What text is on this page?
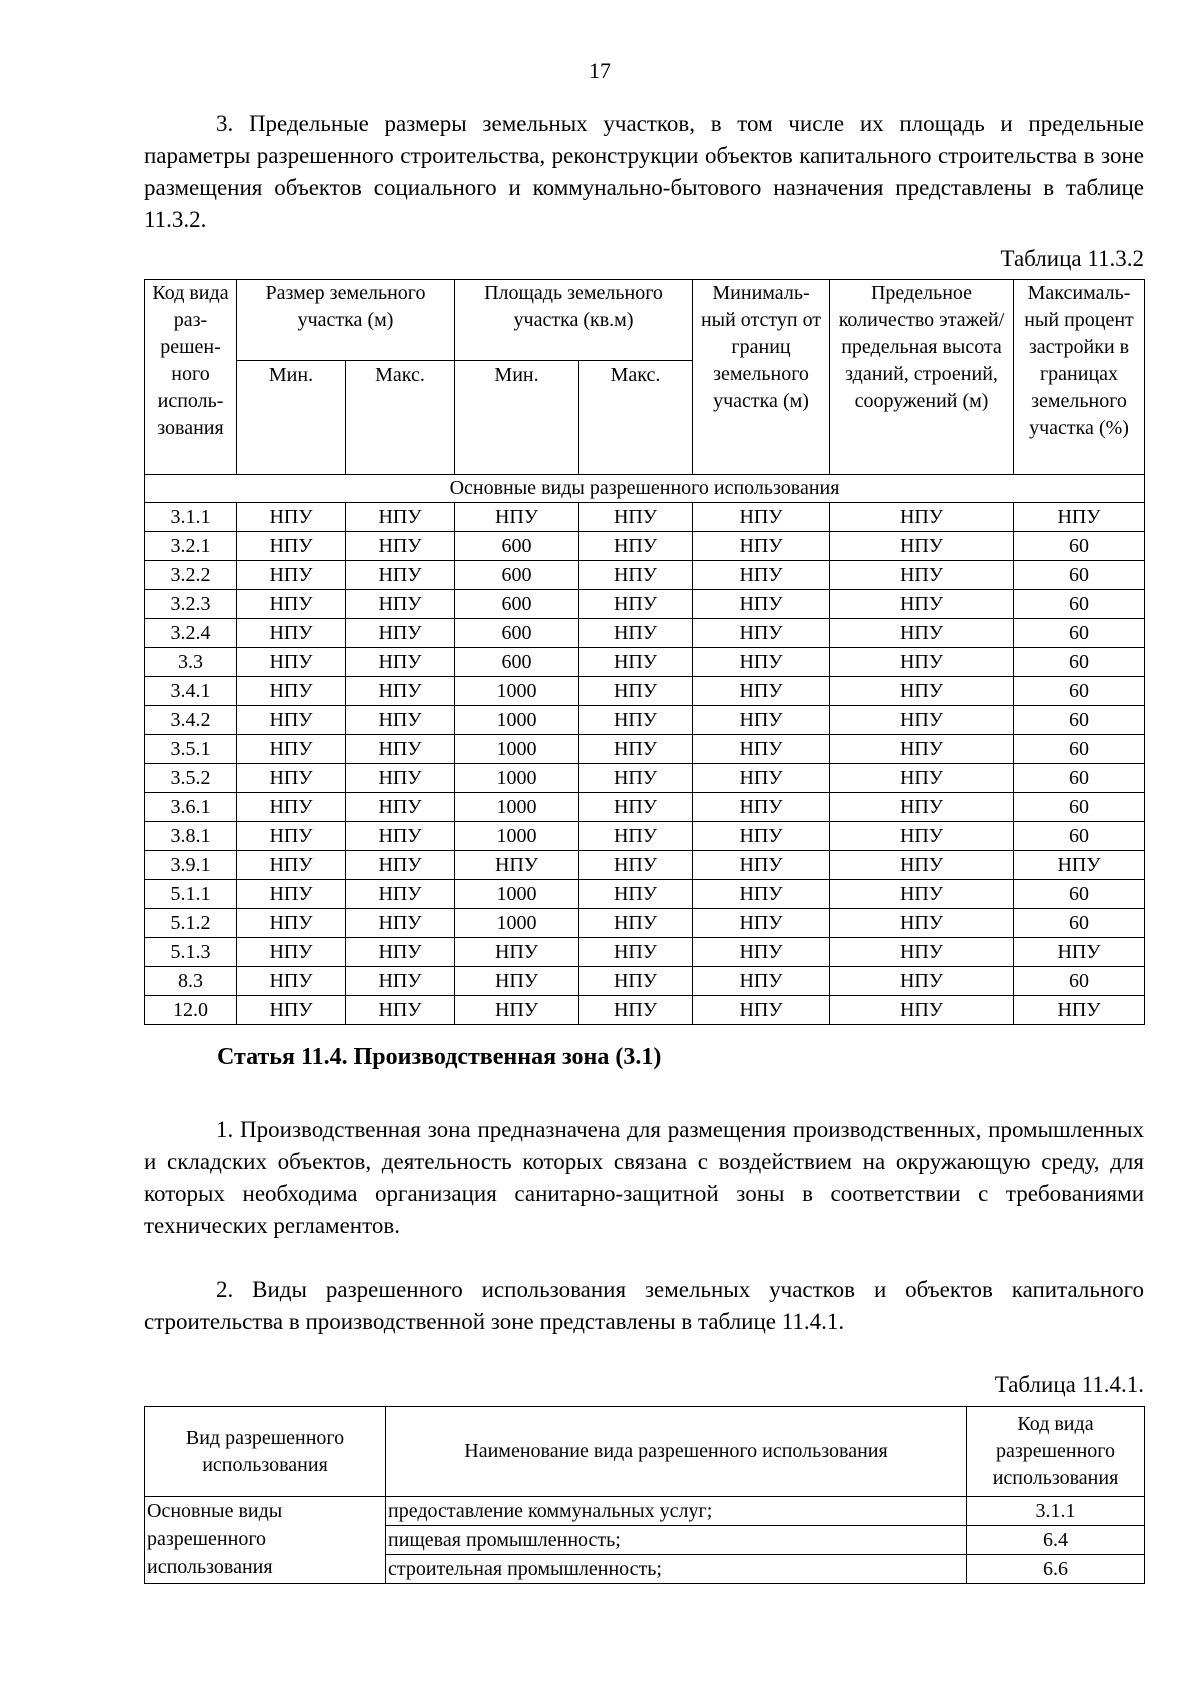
17

3. Предельные размеры земельных участков, в том числе их площадь и предельные параметры разрешенного строительства, реконструкции объектов капитального строительства в зоне размещения объектов социального и коммунально-бытового назначения представлены в таблице 11.3.2.

Таблица 11.3.2
Код вида раз-решен-ного исполь-зования	Размер земельного участка (м)		Площадь земельного участка (кв.м)		Минималь-ный отступ от границ земельного участка (м)	Предельное количество этажей/ предельная высота зданий, строений, сооружений (м)	Максималь-ный процент застройки в границах земельного участка (%)
	Мин.	Макс.	Мин.	Макс.			
Основные виды разрешенного использования							
3.1.1	НПУ	НПУ	НПУ	НПУ	НПУ	НПУ	НПУ
3.2.1	НПУ	НПУ	600	НПУ	НПУ	НПУ	60
3.2.2	НПУ	НПУ	600	НПУ	НПУ	НПУ	60
3.2.3	НПУ	НПУ	600	НПУ	НПУ	НПУ	60
3.2.4	НПУ	НПУ	600	НПУ	НПУ	НПУ	60
3.3	НПУ	НПУ	600	НПУ	НПУ	НПУ	60
3.4.1	НПУ	НПУ	1000	НПУ	НПУ	НПУ	60
3.4.2	НПУ	НПУ	1000	НПУ	НПУ	НПУ	60
3.5.1	НПУ	НПУ	1000	НПУ	НПУ	НПУ	60
3.5.2	НПУ	НПУ	1000	НПУ	НПУ	НПУ	60
3.6.1	НПУ	НПУ	1000	НПУ	НПУ	НПУ	60
3.8.1	НПУ	НПУ	1000	НПУ	НПУ	НПУ	60
3.9.1	НПУ	НПУ	НПУ	НПУ	НПУ	НПУ	НПУ
5.1.1	НПУ	НПУ	1000	НПУ	НПУ	НПУ	60
5.1.2	НПУ	НПУ	1000	НПУ	НПУ	НПУ	60
5.1.3	НПУ	НПУ	НПУ	НПУ	НПУ	НПУ	НПУ
8.3	НПУ	НПУ	НПУ	НПУ	НПУ	НПУ	60
12.0	НПУ	НПУ	НПУ	НПУ	НПУ	НПУ	НПУ
Статья 11.4. Производственная зона (3.1)

1. Производственная зона предназначена для размещения производственных, промышленных и складских объектов, деятельность которых связана с воздействием на окружающую среду, для которых необходима организация санитарно-защитной зоны в соответствии с требованиями технических регламентов.

2. Виды разрешенного использования земельных участков и объектов капитального строительства в производственной зоне представлены в таблице 11.4.1.

Таблица 11.4.1.
Вид разрешенного использования	Наименование вида разрешенного использования	Код вида разрешенного использования
Основные виды разрешенного использования	предоставление коммунальных услуг;	3.1.1
	пищевая промышленность;	6.4
	строительная промышленность;	6.6
